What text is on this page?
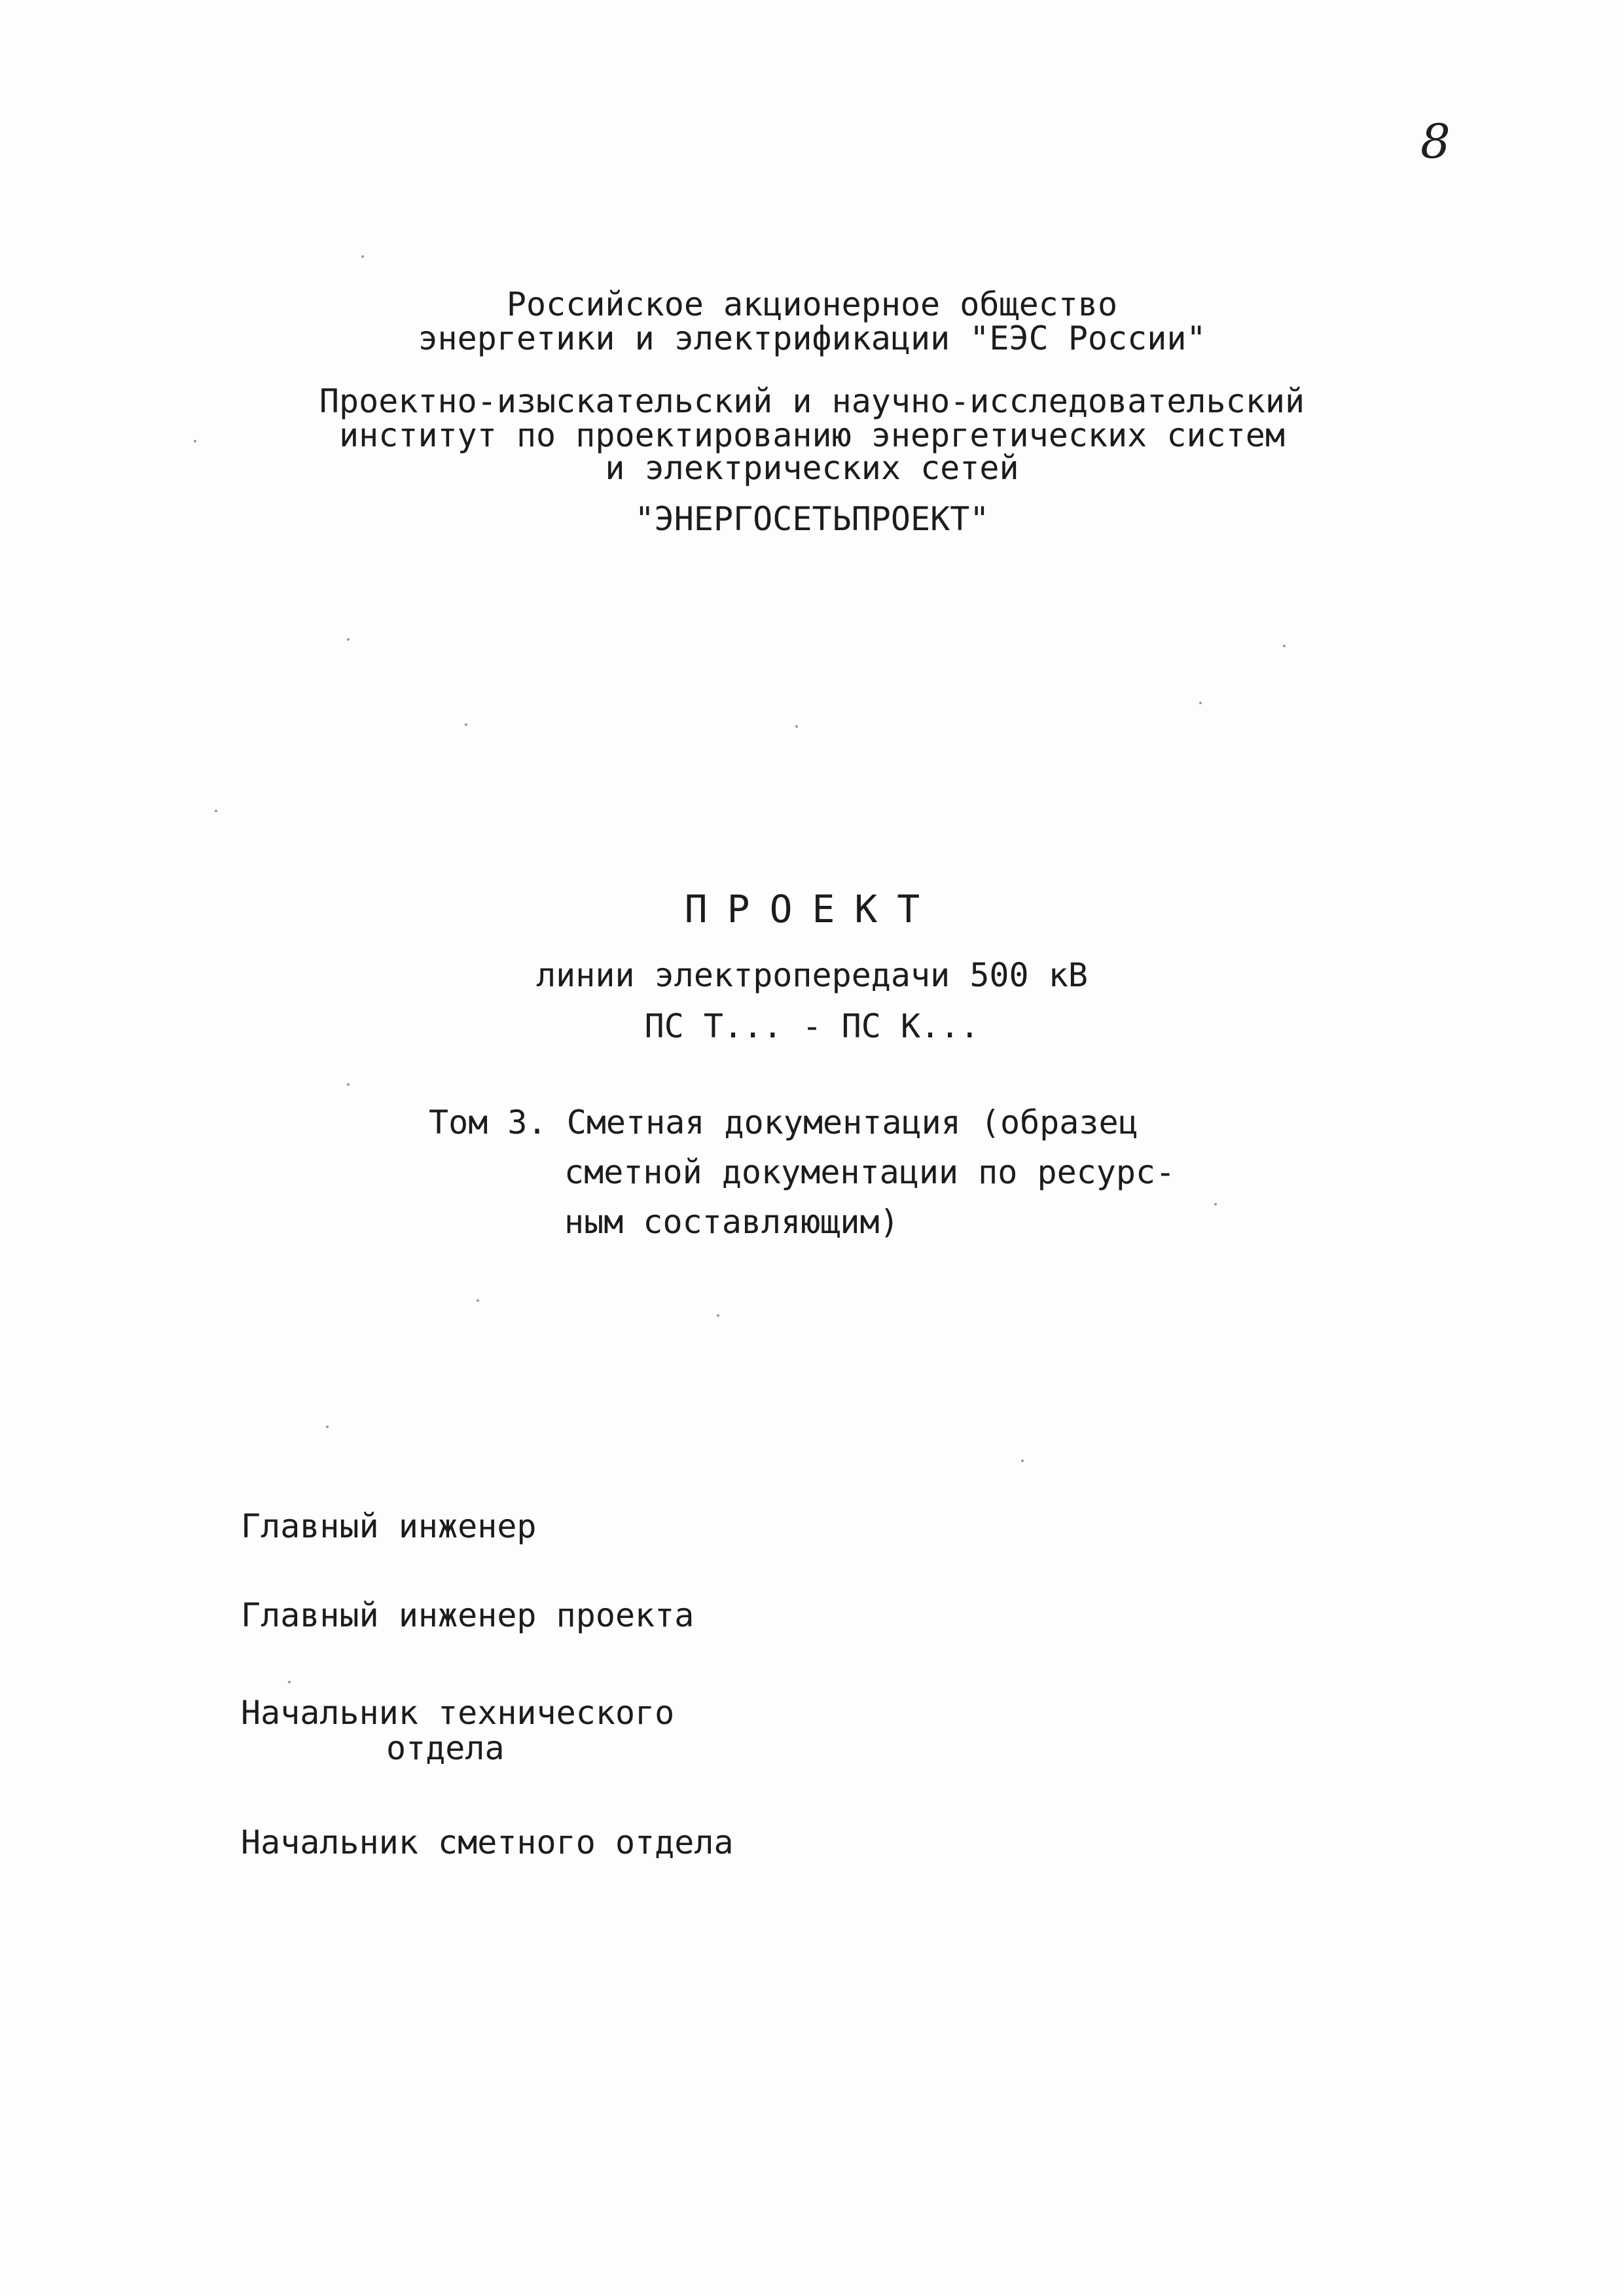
8
Российское акционерное общество
энергетики и электрификации "ЕЭС России"
Проектно-изыскательский и научно-исследовательский
институт по проектированию энергетических систем
и электрических сетей
"ЭНЕРГОСЕТЬПРОЕКТ"
ПРОЕКТ
линии электропередачи 500 кВ
ПС Т... - ПС К...
Том 3. Сметная документация (образец
сметной документации по ресурс-
ным составляющим)
Главный инженер
Главный инженер проекта
Начальник технического
отдела
Начальник сметного отдела
